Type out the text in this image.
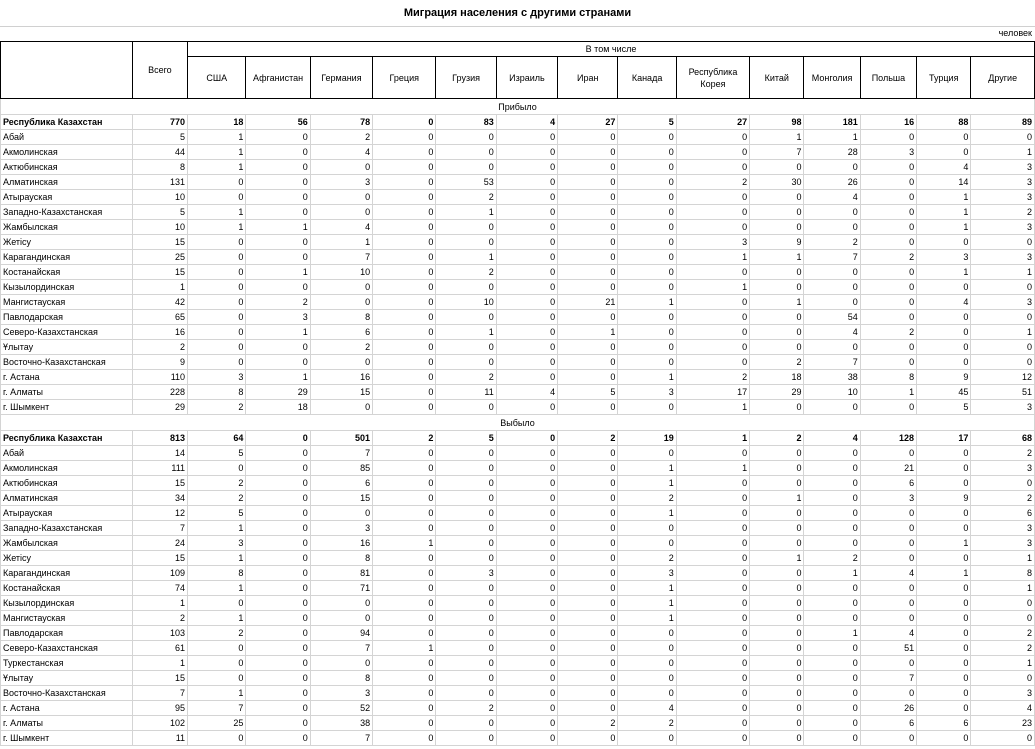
Миграция населения с другими странами
человек
	Всего	В том числе													
		США	Афганистан	Германия	Греция	Грузия	Израиль	Иран	Канада	Республика Корея	Китай	Монголия	Польша	Турция	Другие
Прибыло															
Республика Казахстан	770	18	56	78	0	83	4	27	5	27	98	181	16	88	89
Абай	5	1	0	2	0	0	0	0	0	0	1	1	0	0	0
Акмолинская	44	1	0	4	0	0	0	0	0	0	7	28	3	0	1
Актюбинская	8	1	0	0	0	0	0	0	0	0	0	0	0	4	3
Алматинская	131	0	0	3	0	53	0	0	0	2	30	26	0	14	3
Атырауская	10	0	0	0	0	2	0	0	0	0	0	4	0	1	3
Западно-Казахстанская	5	1	0	0	0	1	0	0	0	0	0	0	0	1	2
Жамбылская	10	1	1	4	0	0	0	0	0	0	0	0	0	1	3
Жетісу	15	0	0	1	0	0	0	0	0	3	9	2	0	0	0
Карагандинская	25	0	0	7	0	1	0	0	0	1	1	7	2	3	3
Костанайская	15	0	1	10	0	2	0	0	0	0	0	0	0	1	1
Кызылординская	1	0	0	0	0	0	0	0	0	1	0	0	0	0	0
Мангистауская	42	0	2	0	0	10	0	21	1	0	1	0	0	4	3
Павлодарская	65	0	3	8	0	0	0	0	0	0	0	54	0	0	0
Северо-Казахстанская	16	0	1	6	0	1	0	1	0	0	0	4	2	0	1
Ұлытау	2	0	0	2	0	0	0	0	0	0	0	0	0	0	0
Восточно-Казахстанская	9	0	0	0	0	0	0	0	0	0	2	7	0	0	0
г. Астана	110	3	1	16	0	2	0	0	1	2	18	38	8	9	12
г. Алматы	228	8	29	15	0	11	4	5	3	17	29	10	1	45	51
г. Шымкент	29	2	18	0	0	0	0	0	0	1	0	0	0	5	3
Выбыло															
Республика Казахстан	813	64	0	501	2	5	0	2	19	1	2	4	128	17	68
Абай	14	5	0	7	0	0	0	0	0	0	0	0	0	0	2
Акмолинская	111	0	0	85	0	0	0	0	1	1	0	0	21	0	3
Актюбинская	15	2	0	6	0	0	0	0	1	0	0	0	6	0	0
Алматинская	34	2	0	15	0	0	0	0	2	0	1	0	3	9	2
Атырауская	12	5	0	0	0	0	0	0	1	0	0	0	0	0	6
Западно-Казахстанская	7	1	0	3	0	0	0	0	0	0	0	0	0	0	3
Жамбылская	24	3	0	16	1	0	0	0	0	0	0	0	0	1	3
Жетісу	15	1	0	8	0	0	0	0	2	0	1	2	0	0	1
Карагандинская	109	8	0	81	0	3	0	0	3	0	0	1	4	1	8
Костанайская	74	1	0	71	0	0	0	0	1	0	0	0	0	0	1
Кызылординская	1	0	0	0	0	0	0	0	1	0	0	0	0	0	0
Мангистауская	2	1	0	0	0	0	0	0	1	0	0	0	0	0	0
Павлодарская	103	2	0	94	0	0	0	0	0	0	0	1	4	0	2
Северо-Казахстанская	61	0	0	7	1	0	0	0	0	0	0	0	51	0	2
Туркестанская	1	0	0	0	0	0	0	0	0	0	0	0	0	0	1
Ұлытау	15	0	0	8	0	0	0	0	0	0	0	0	7	0	0
Восточно-Казахстанская	7	1	0	3	0	0	0	0	0	0	0	0	0	0	3
г. Астана	95	7	0	52	0	2	0	0	4	0	0	0	26	0	4
г. Алматы	102	25	0	38	0	0	0	2	2	0	0	0	6	6	23
г. Шымкент	11	0	0	7	0	0	0	0	0	0	0	0	0	0	0
